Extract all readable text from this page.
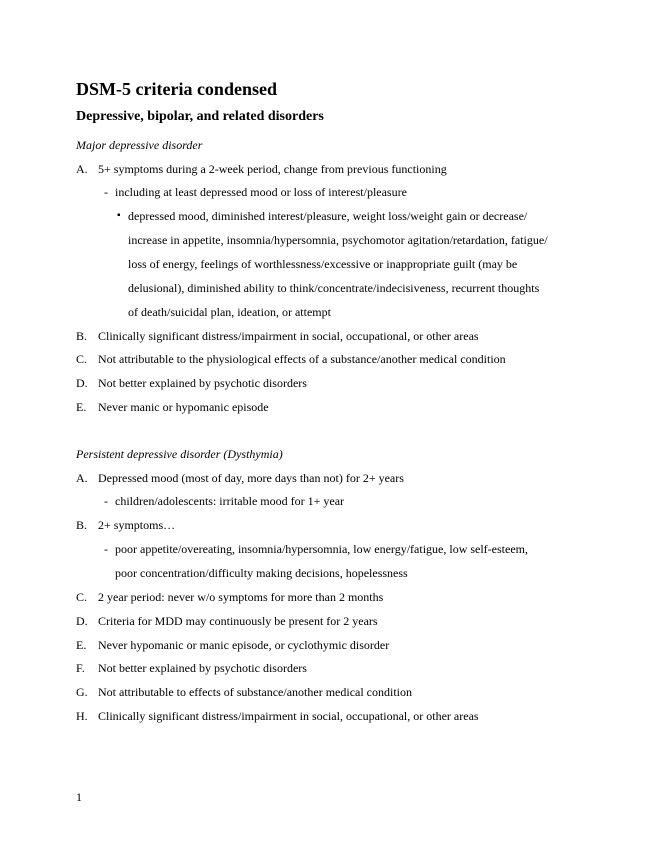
DSM-5 criteria condensed
Depressive, bipolar, and related disorders
Major depressive disorder
A. 5+ symptoms during a 2-week period, change from previous functioning
- including at least depressed mood or loss of interest/pleasure
▪ depressed mood, diminished interest/pleasure, weight loss/weight gain or decrease/
increase in appetite, insomnia/hypersomnia, psychomotor agitation/retardation, fatigue/
loss of energy, feelings of worthlessness/excessive or inappropriate guilt (may be
delusional), diminished ability to think/concentrate/indecisiveness, recurrent thoughts
of death/suicidal plan, ideation, or attempt
B. Clinically significant distress/impairment in social, occupational, or other areas
C. Not attributable to the physiological effects of a substance/another medical condition
D. Not better explained by psychotic disorders
E. Never manic or hypomanic episode
Persistent depressive disorder (Dysthymia)
A. Depressed mood (most of day, more days than not) for 2+ years
- children/adolescents: irritable mood for 1+ year
B. 2+ symptoms…
- poor appetite/overeating, insomnia/hypersomnia, low energy/fatigue, low self-esteem,
poor concentration/difficulty making decisions, hopelessness
C. 2 year period: never w/o symptoms for more than 2 months
D. Criteria for MDD may continuously be present for 2 years
E. Never hypomanic or manic episode, or cyclothymic disorder
F. Not better explained by psychotic disorders
G. Not attributable to effects of substance/another medical condition
H. Clinically significant distress/impairment in social, occupational, or other areas
1
